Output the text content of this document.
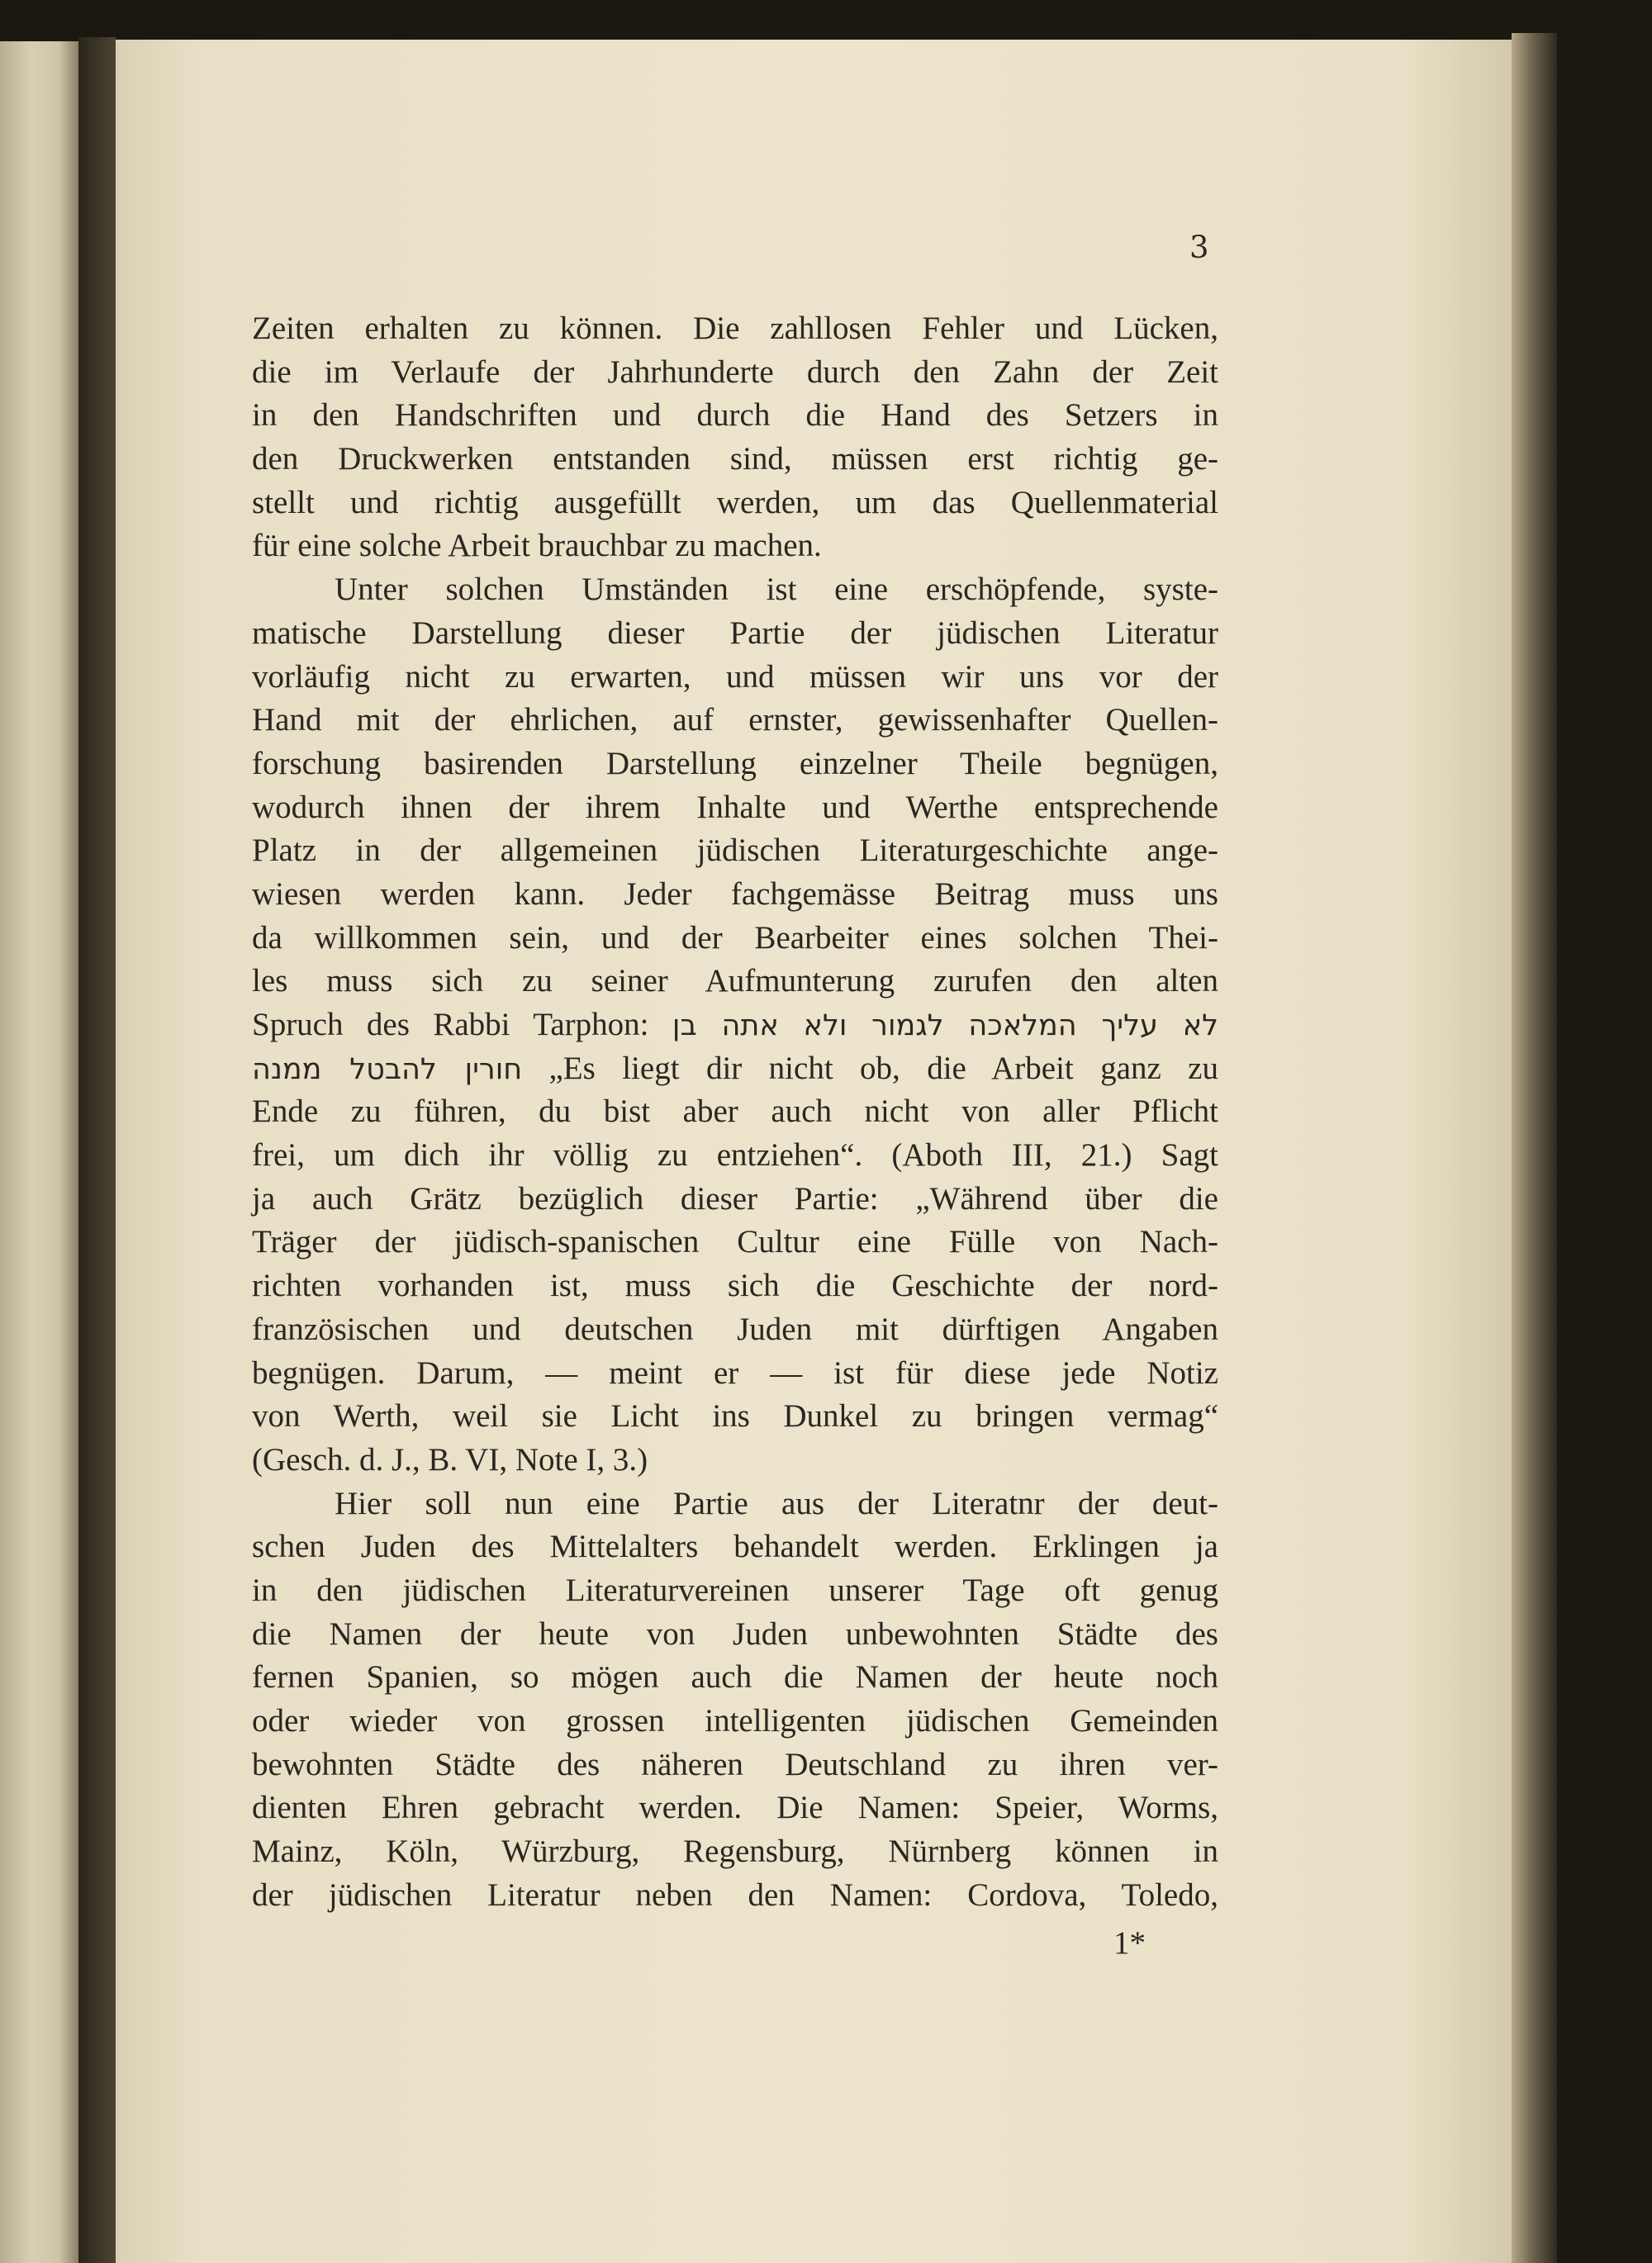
3
Zeiten erhalten zu können. Die zahllosen Fehler und Lücken,
die im Verlaufe der Jahrhunderte durch den Zahn der Zeit
in den Handschriften und durch die Hand des Setzers in
den Druckwerken entstanden sind, müssen erst richtig ge-
stellt und richtig ausgefüllt werden, um das Quellenmaterial
für eine solche Arbeit brauchbar zu machen.
Unter solchen Umständen ist eine erschöpfende, syste-
matische Darstellung dieser Partie der jüdischen Literatur
vorläufig nicht zu erwarten, und müssen wir uns vor der
Hand mit der ehrlichen, auf ernster, gewissenhafter Quellen-
forschung basirenden Darstellung einzelner Theile begnügen,
wodurch ihnen der ihrem Inhalte und Werthe entsprechende
Platz in der allgemeinen jüdischen Literaturgeschichte ange-
wiesen werden kann. Jeder fachgemässe Beitrag muss uns
da willkommen sein, und der Bearbeiter eines solchen Thei-
les muss sich zu seiner Aufmunterung zurufen den alten
Spruch des Rabbi Tarphon: לא עליך המלאכה לגמור ולא אתה בן
חורין להבטל ממנה „Es liegt dir nicht ob, die Arbeit ganz zu
Ende zu führen, du bist aber auch nicht von aller Pflicht
frei, um dich ihr völlig zu entziehen“. (Aboth III, 21.) Sagt
ja auch Grätz bezüglich dieser Partie: „Während über die
Träger der jüdisch-spanischen Cultur eine Fülle von Nach-
richten vorhanden ist, muss sich die Geschichte der nord-
französischen und deutschen Juden mit dürftigen Angaben
begnügen. Darum, — meint er — ist für diese jede Notiz
von Werth, weil sie Licht ins Dunkel zu bringen vermag“
(Gesch. d. J., B. VI, Note I, 3.)
Hier soll nun eine Partie aus der Literatnr der deut-
schen Juden des Mittelalters behandelt werden. Erklingen ja
in den jüdischen Literaturvereinen unserer Tage oft genug
die Namen der heute von Juden unbewohnten Städte des
fernen Spanien, so mögen auch die Namen der heute noch
oder wieder von grossen intelligenten jüdischen Gemeinden
bewohnten Städte des näheren Deutschland zu ihren ver-
dienten Ehren gebracht werden. Die Namen: Speier, Worms,
Mainz, Köln, Würzburg, Regensburg, Nürnberg können in
der jüdischen Literatur neben den Namen: Cordova, Toledo,
1*
